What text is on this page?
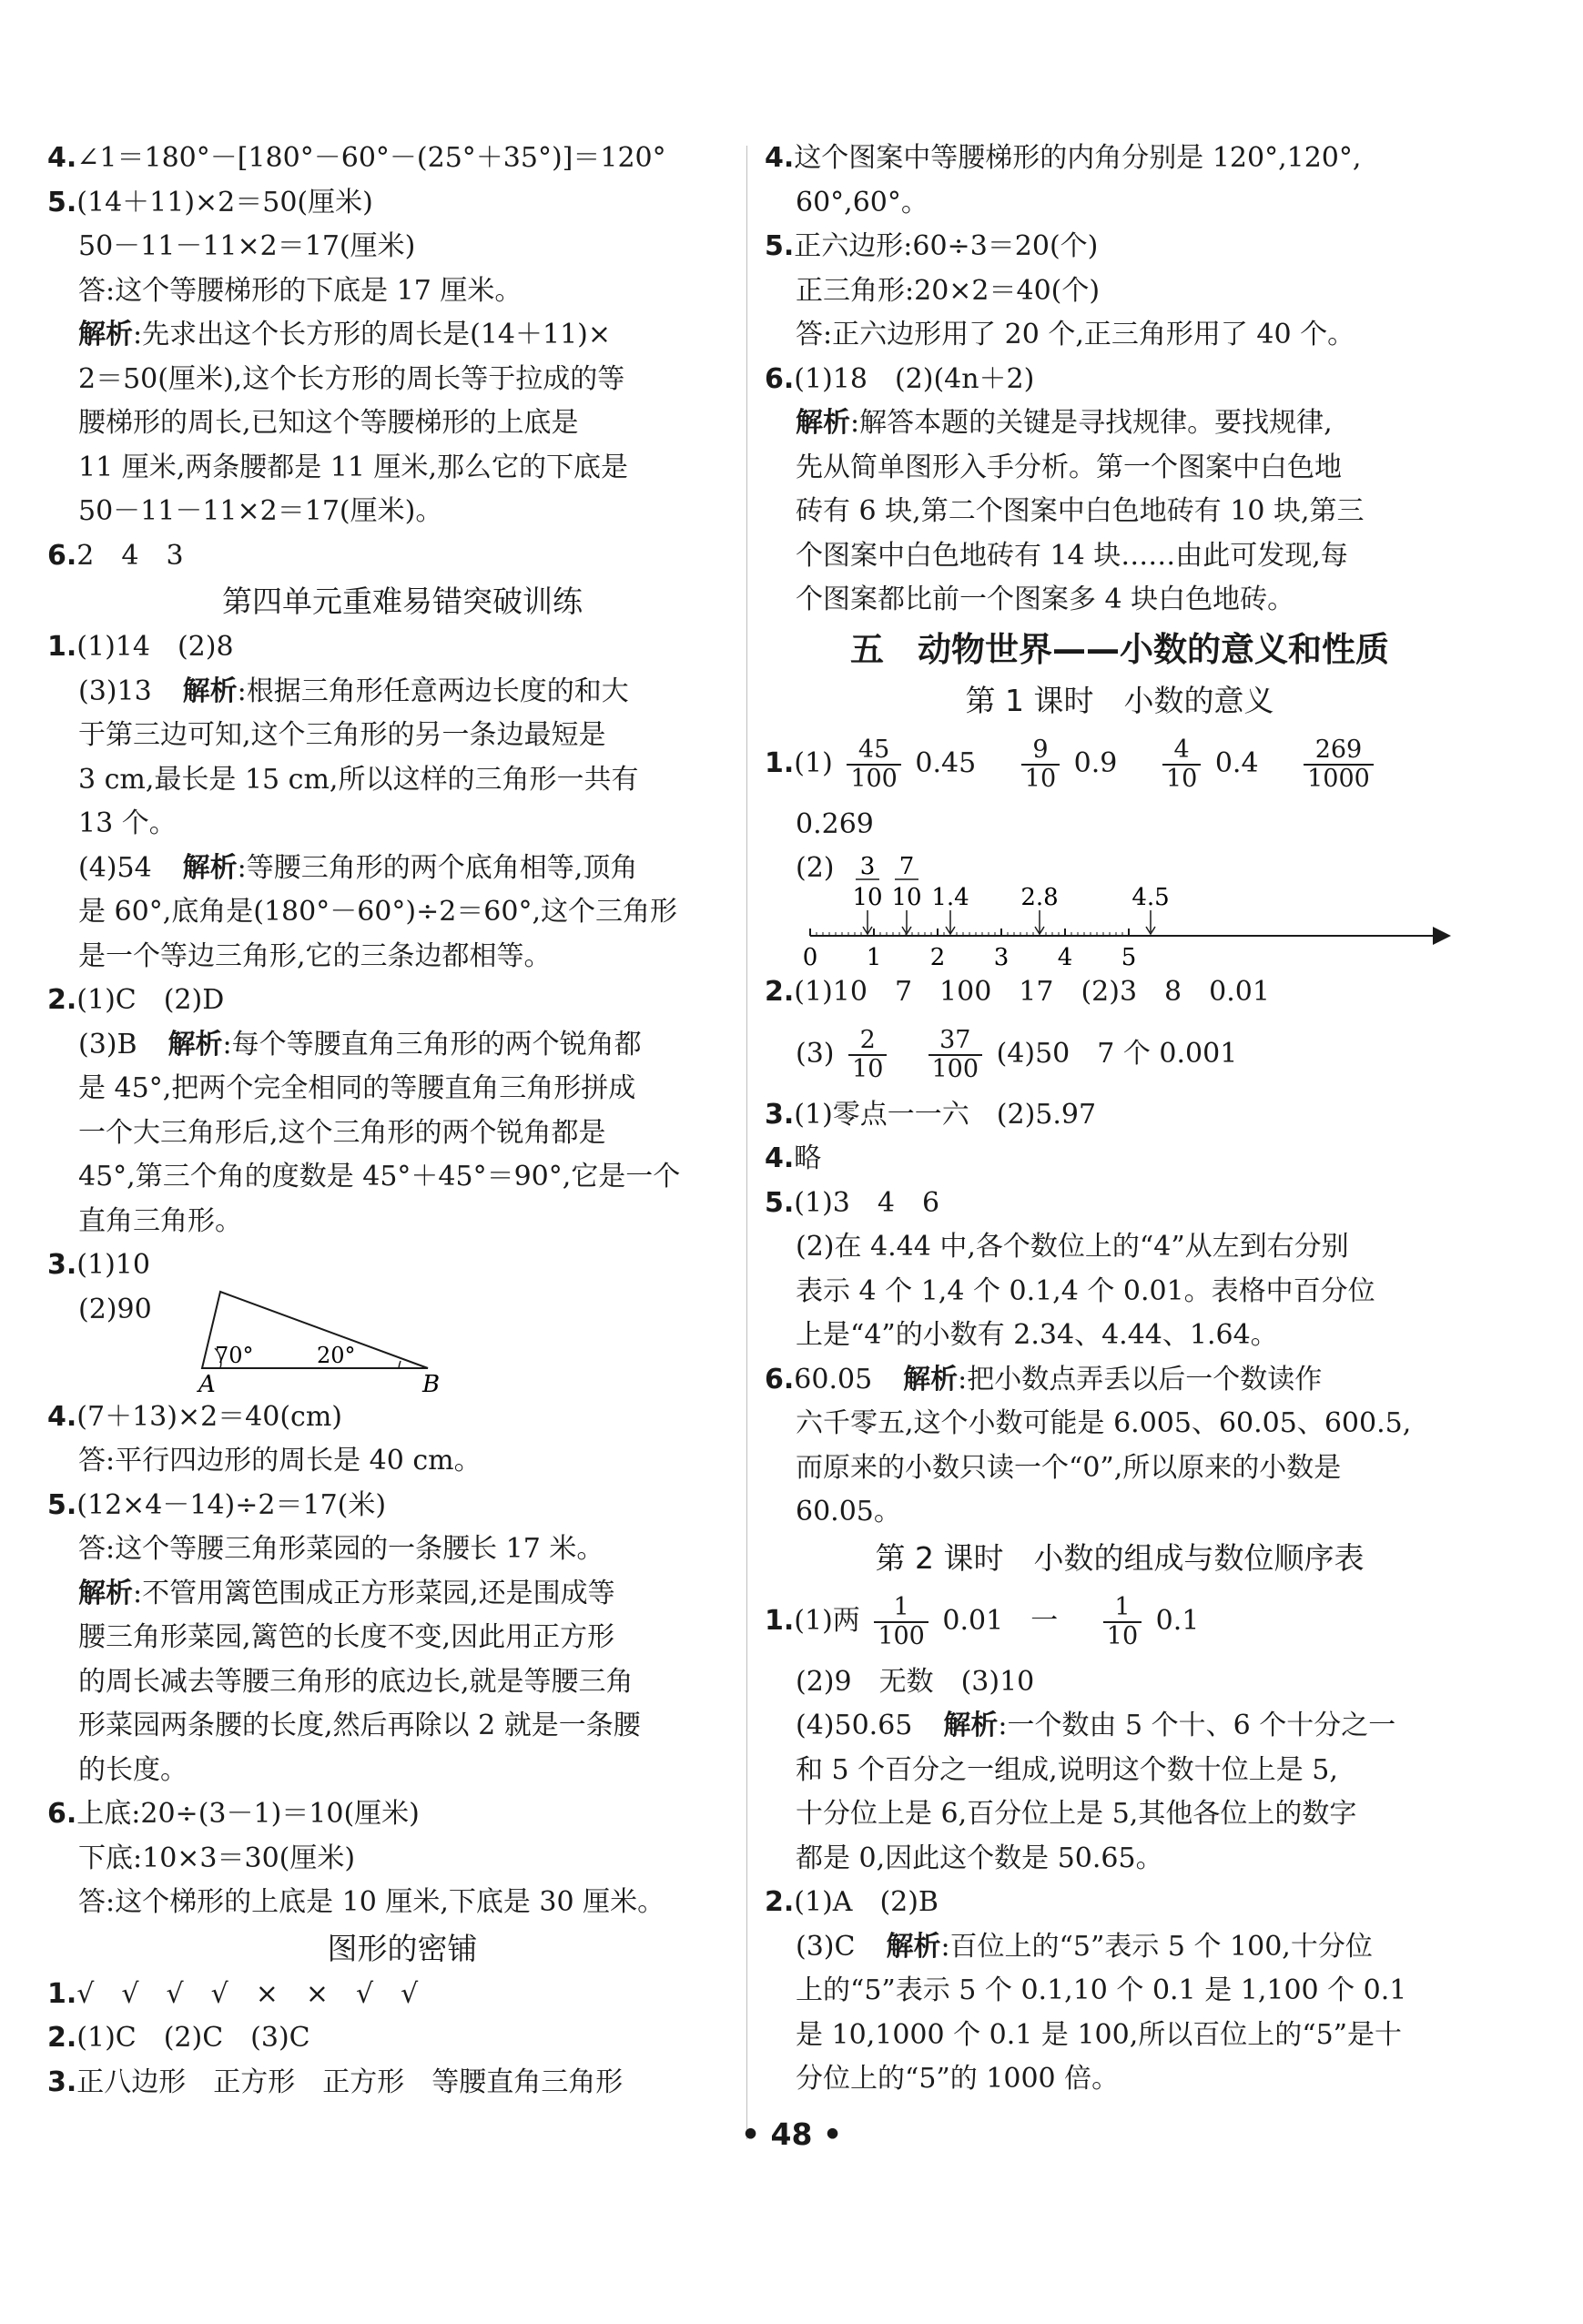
4.∠1＝180°－[180°－60°－(25°＋35°)]＝120°
5.(14＋11)×2＝50(厘米)
50－11－11×2＝17(厘米)
答:这个等腰梯形的下底是 17 厘米。
解析:先求出这个长方形的周长是(14＋11)×
2＝50(厘米),这个长方形的周长等于拉成的等
腰梯形的周长,已知这个等腰梯形的上底是
11 厘米,两条腰都是 11 厘米,那么它的下底是
50－11－11×2＝17(厘米)。
6.2　4　3
第四单元重难易错突破训练
1.(1)14　(2)8
(3)13 解析:根据三角形任意两边长度的和大
于第三边可知,这个三角形的另一条边最短是
3 cm,最长是 15 cm,所以这样的三角形一共有
13 个。
(4)54 解析:等腰三角形的两个底角相等,顶角
是 60°,底角是(180°－60°)÷2＝60°,这个三角形
是一个等边三角形,它的三条边都相等。
2.(1)C　(2)D
(3)B 解析:每个等腰直角三角形的两个锐角都
是 45°,把两个完全相同的等腰直角三角形拼成
一个大三角形后,这个三角形的两个锐角都是
45°,第三个角的度数是 45°＋45°＝90°,它是一个
直角三角形。
3.(1)10
(2)90
70°	20°
A	B
4.(7＋13)×2＝40(cm)
答:平行四边形的周长是 40 cm。
5.(12×4－14)÷2＝17(米)
答:这个等腰三角形菜园的一条腰长 17 米。
解析:不管用篱笆围成正方形菜园,还是围成等
腰三角形菜园,篱笆的长度不变,因此用正方形
的周长减去等腰三角形的底边长,就是等腰三角
形菜园两条腰的长度,然后再除以 2 就是一条腰
的长度。
6.上底:20÷(3－1)＝10(厘米)
下底:10×3＝30(厘米)
答:这个梯形的上底是 10 厘米,下底是 30 厘米。
图形的密铺
1.√　√　√　√　×　×　√　√
2.(1)C　(2)C　(3)C
3.正八边形　正方形　正方形　等腰直角三角形
4.这个图案中等腰梯形的内角分别是 120°,120°,
60°,60°。
5.正六边形:60÷3＝20(个)
正三角形:20×2＝40(个)
答:正六边形用了 20 个,正三角形用了 40 个。
6.(1)18　(2)(4n＋2)
解析:解答本题的关键是寻找规律。要找规律,
先从简单图形入手分析。第一个图案中白色地
砖有 6 块,第二个图案中白色地砖有 10 块,第三
个图案中白色地砖有 14 块……由此可发现,每
个图案都比前一个图案多 4 块白色地砖。
五　动物世界——小数的意义和性质
第 1 课时　小数的意义
$1.(1) \frac{45}{100} 0.45 \frac{9}{10} 0.9 \frac{4}{10} 0.4 \frac{269}{1000}$
0.269
(2)
0 1 2 3 4 5
3
10
7
10 1.4 2.8	4.5
2.(1)10　7　100　17　(2)3　8　0.01
$(3) \frac{2}{10}$
$\frac{37}{100} (4)50$　7 个 0.001
3.(1)零点一一六　(2)5.97
4.略
5.(1)3　4　6
(2)在 4.44 中,各个数位上的“4”从左到右分别
表示 4 个 1,4 个 0.1,4 个 0.01。表格中百分位
上是“4”的小数有 2.34、4.44、1.64。
6.60.05 解析:把小数点弄丢以后一个数读作
六千零五,这个小数可能是 6.005、60.05、600.5,
而原来的小数只读一个“0”,所以原来的小数是
60.05。
第 2 课时　小数的组成与数位顺序表
1.(1)两 $\frac{1}{100} 0.01$　一 $\frac{1}{10} 0.1$
(2)9　无数　(3)10
(4)50.65 解析:一个数由 5 个十、6 个十分之一
和 5 个百分之一组成,说明这个数十位上是 5,
十分位上是 6,百分位上是 5,其他各位上的数字
都是 0,因此这个数是 50.65。
2.(1)A　(2)B
(3)C 解析:百位上的“5”表示 5 个 100,十分位
上的“5”表示 5 个 0.1,10 个 0.1 是 1,100 个 0.1
是 10,1000 个 0.1 是 100,所以百位上的“5”是十
分位上的“5”的 1000 倍。
• 48 •
